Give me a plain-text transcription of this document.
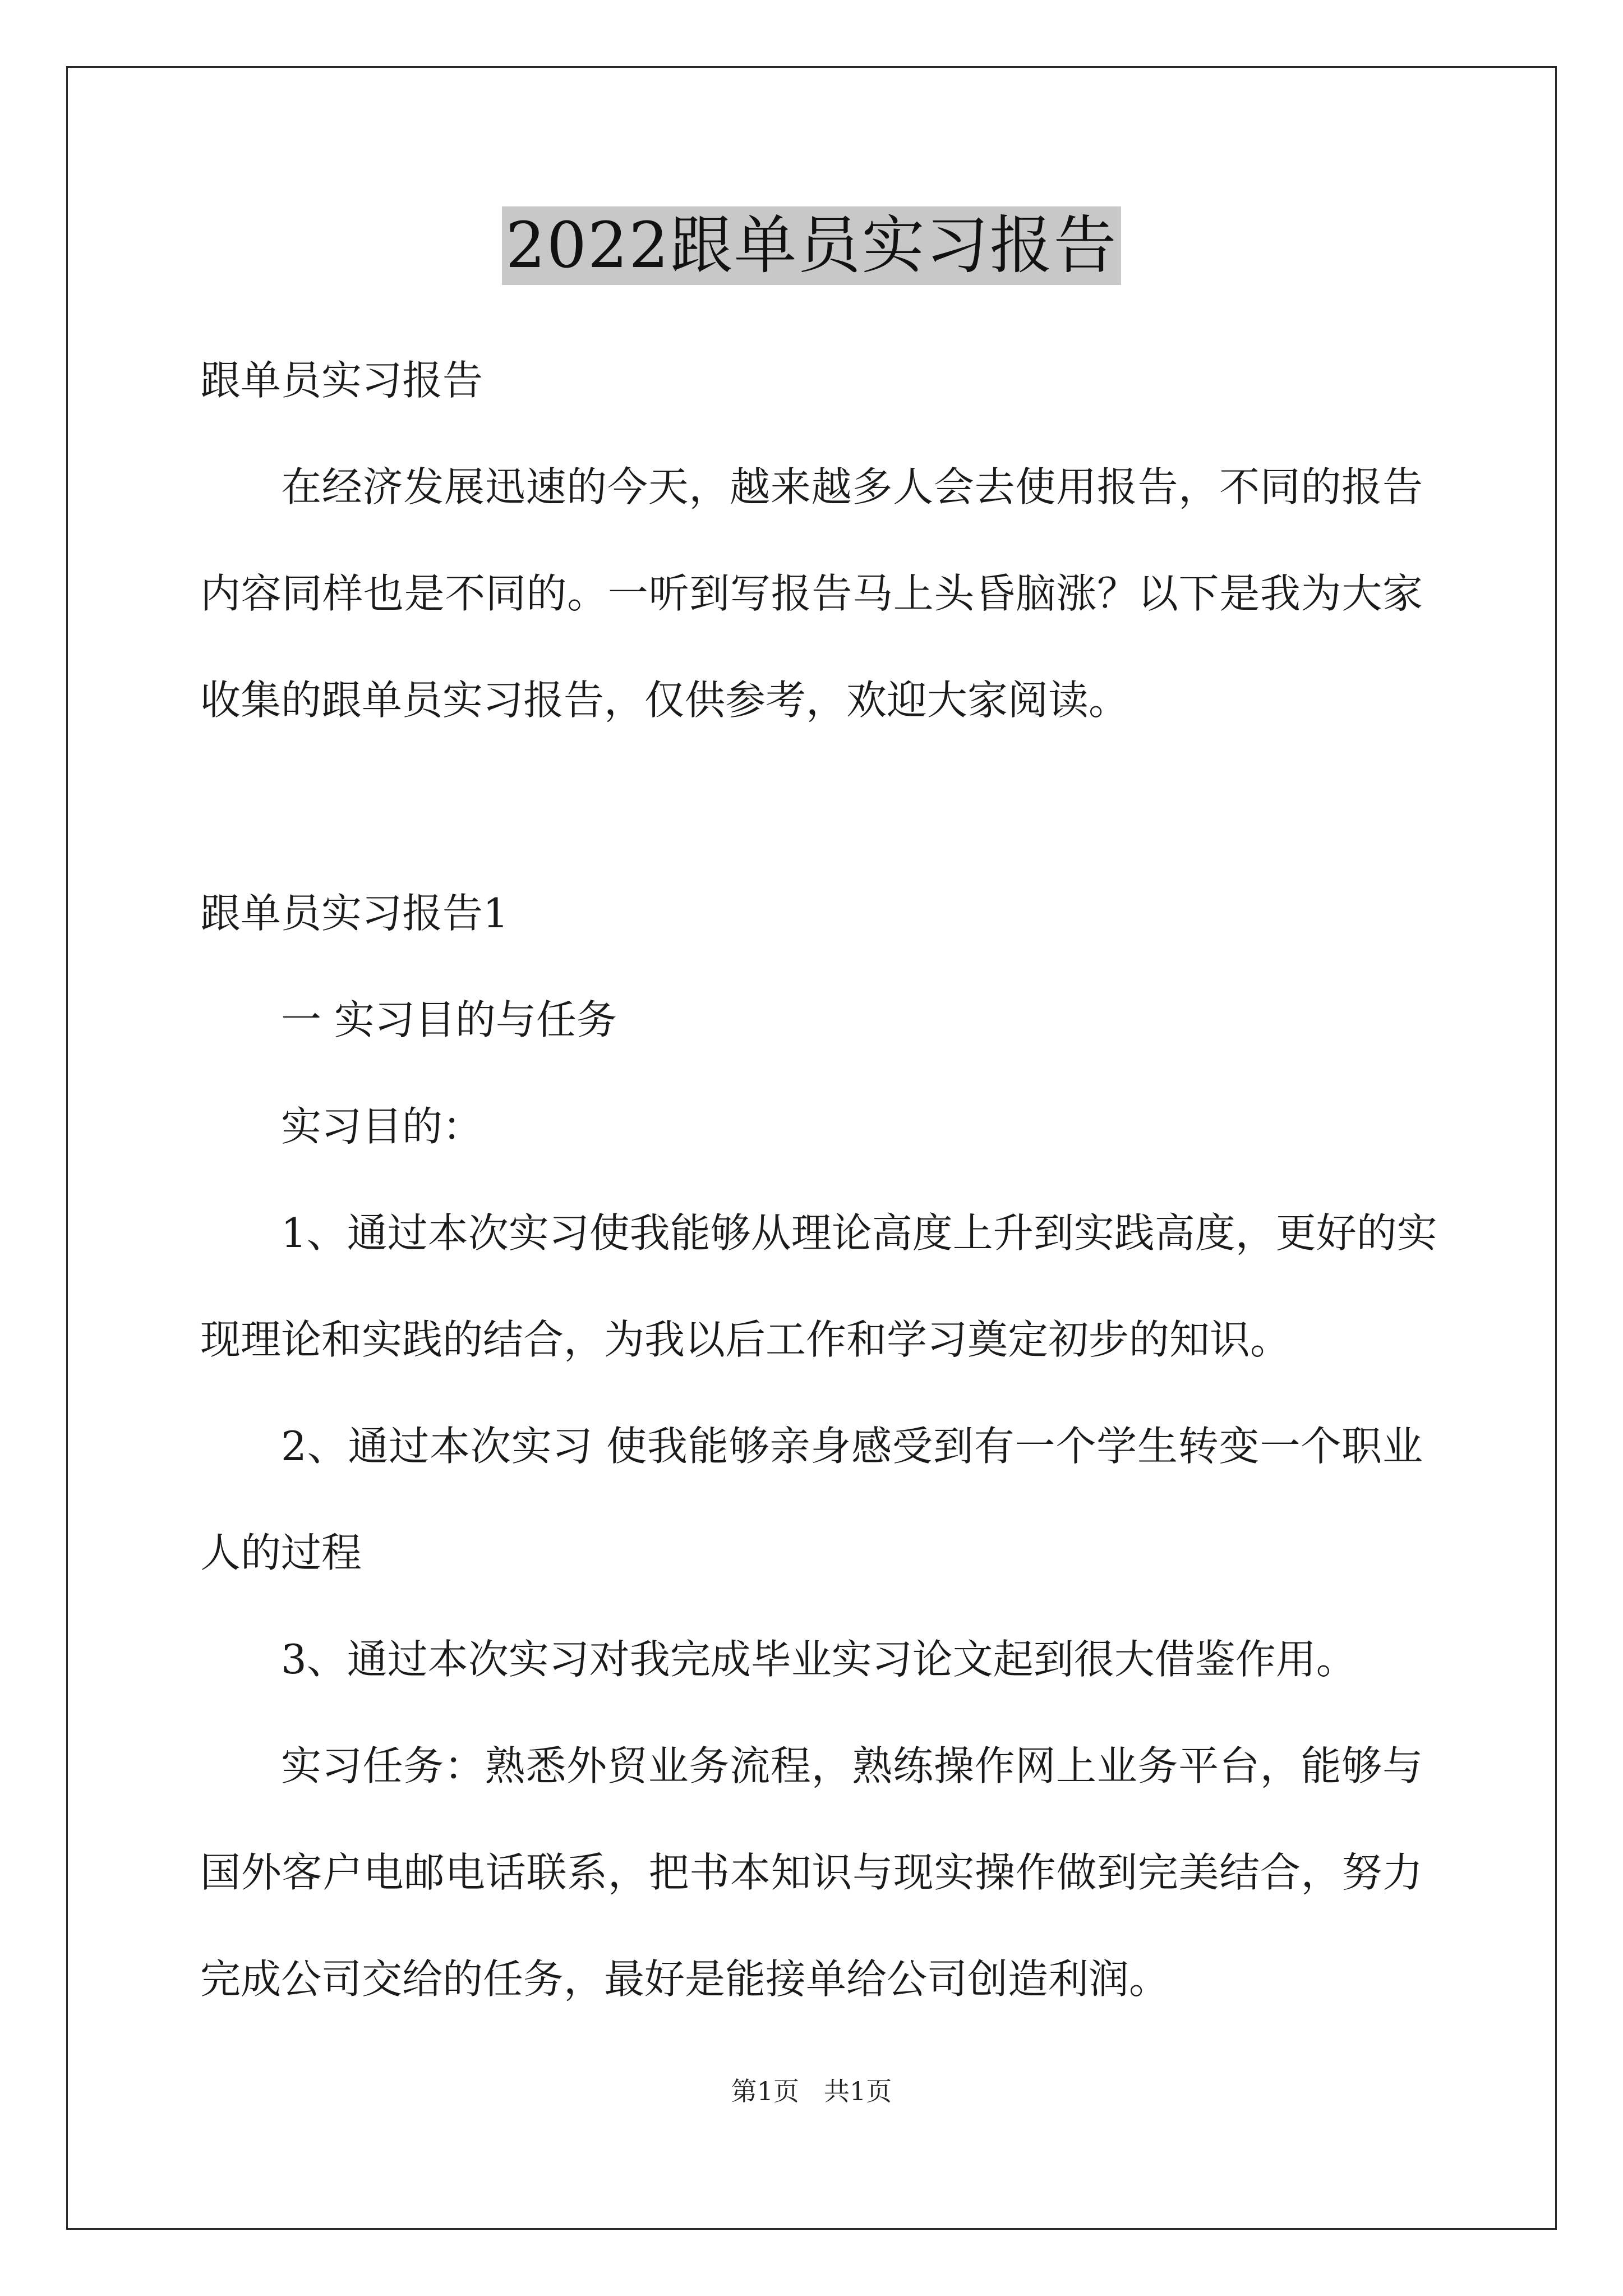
2022跟单员实习报告
跟单员实习报告
在经济发展迅速的今天，越来越多人会去使用报告，不同的报告
内容同样也是不同的。一听到写报告马上头昏脑涨？以下是我为大家
收集的跟单员实习报告，仅供参考，欢迎大家阅读。
跟单员实习报告1
一 实习目的与任务
实习目的：
1、通过本次实习使我能够从理论高度上升到实践高度，更好的实
现理论和实践的结合，为我以后工作和学习奠定初步的知识。
2、通过本次实习 使我能够亲身感受到有一个学生转变一个职业
人的过程
3、通过本次实习对我完成毕业实习论文起到很大借鉴作用。
实习任务：熟悉外贸业务流程，熟练操作网上业务平台，能够与
国外客户电邮电话联系，把书本知识与现实操作做到完美结合，努力
完成公司交给的任务，最好是能接单给公司创造利润。
第1页 共1页
